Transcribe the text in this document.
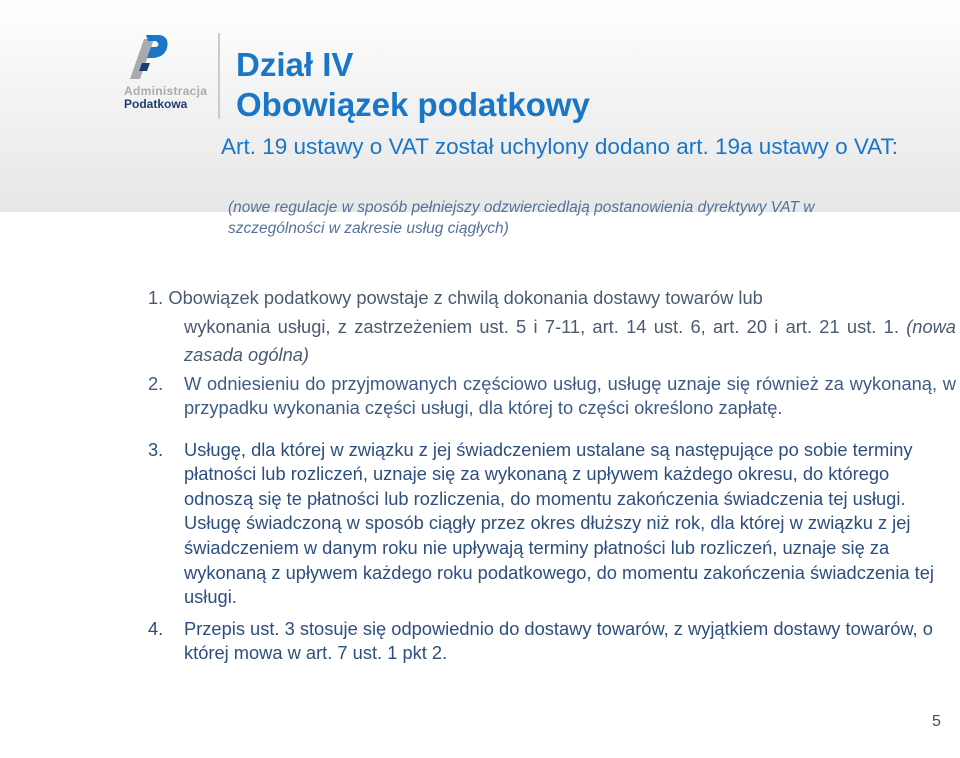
Administracja
Podatkowa
Dział IV
Obowiązek podatkowy

Art. 19 ustawy o VAT został uchylony dodano art. 19a ustawy o VAT:

(nowe regulacje w sposób pełniejszy odzwierciedlają postanowienia dyrektywy VAT w szczególności w zakresie usług ciągłych)

1. Obowiązek podatkowy powstaje z chwilą dokonania dostawy towarów lub
wykonania usługi, z zastrzeżeniem ust. 5 i 7-11, art. 14 ust. 6, art. 20 i art. 21 ust. 1. (nowa zasada ogólna)

2. W odniesieniu do przyjmowanych częściowo usług, usługę uznaje się również za wykonaną, w przypadku wykonania części usługi, dla której to części określono zapłatę.

3. Usługę, dla której w związku z jej świadczeniem ustalane są następujące po sobie terminy płatności lub rozliczeń, uznaje się za wykonaną z upływem każdego okresu, do którego odnoszą się te płatności lub rozliczenia, do momentu zakończenia świadczenia tej usługi. Usługę świadczoną w sposób ciągły przez okres dłuższy niż rok, dla której w związku z jej świadczeniem w danym roku nie upływają terminy płatności lub rozliczeń, uznaje się za wykonaną z upływem każdego roku podatkowego, do momentu zakończenia świadczenia tej usługi.

4. Przepis ust. 3 stosuje się odpowiednio do dostawy towarów, z wyjątkiem dostawy towarów, o której mowa w art. 7 ust. 1 pkt 2.

5
